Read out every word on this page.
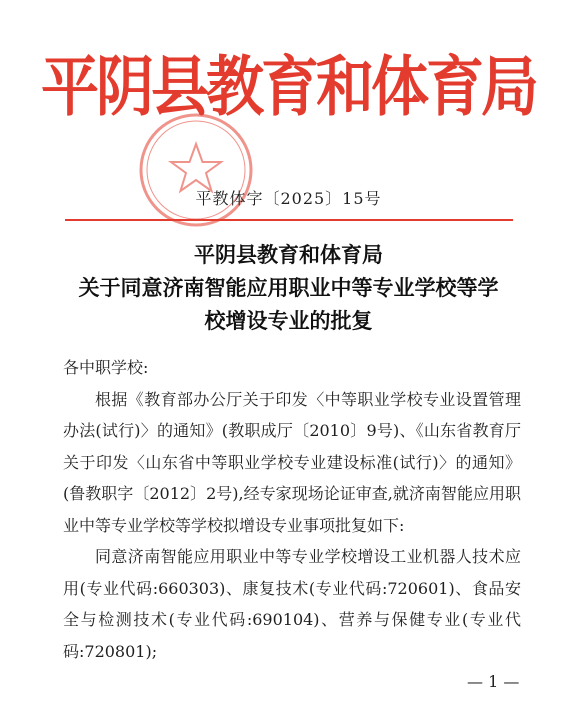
平阴县教育和体育局
平教体字〔2025〕15号
平阴县教育和体育局
关于同意济南智能应用职业中等专业学校等学
校增设专业的批复
各中职学校:
根据《教育部办公厅关于印发〈中等职业学校专业设置管理办法(试行)〉的通知》(教职成厅〔2010〕9号)、《山东省教育厅关于印发〈山东省中等职业学校专业建设标准(试行)〉的通知》(鲁教职字〔2012〕2号),经专家现场论证审查,就济南智能应用职业中等专业学校等学校拟增设专业事项批复如下:
同意济南智能应用职业中等专业学校增设工业机器人技术应用(专业代码:660303)、康复技术(专业代码:720601)、食品安全与检测技术(专业代码:690104)、营养与保健专业(专业代码:720801);
— 1 —
